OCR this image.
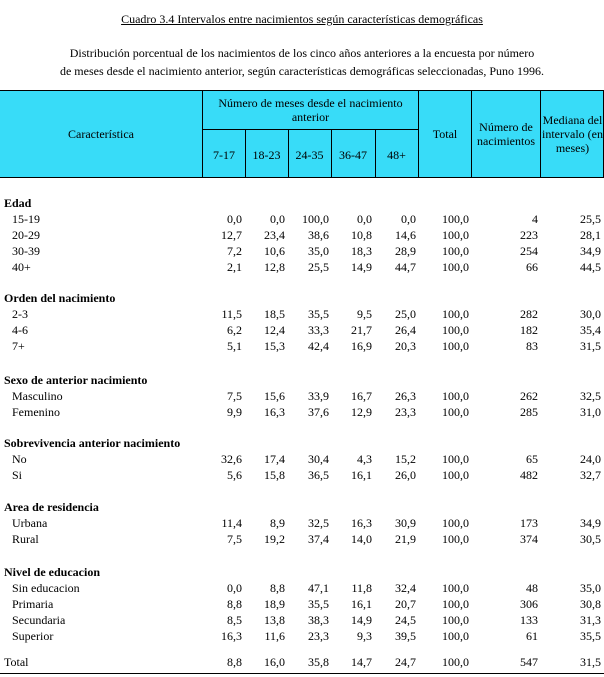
Cuadro 3.4 Intervalos entre nacimientos según características demográficas
Distribución porcentual de los nacimientos de los cinco años anteriores a la encuesta por número
de meses desde el nacimiento anterior, según características demográficas seleccionadas, Puno 1996.
Característica
Número de meses desde el nacimiento anterior
7-17	18-23	24-35	36-47	48+
Total	Número de nacimientos
Mediana del intervalo (en meses)
Edad
15-19	0,0 0,0 100,0 0,0 0,0 100,0	4	25,5
20-29	12,7 23,4 38,6 10,8 14,6 100,0	223	28,1
30-39	7,2 10,6 35,0 18,3 28,9 100,0	254	34,9
40+	2,1 12,8 25,5 14,9 44,7 100,0	66	44,5
Orden del nacimiento
2-3	11,5 18,5 35,5 9,5 25,0 100,0	282	30,0
4-6	6,2 12,4 33,3 21,7 26,4 100,0	182	35,4
7+	5,1 15,3 42,4 16,9 20,3 100,0	83	31,5
Sexo de anterior nacimiento
Masculino	7,5 15,6 33,9 16,7 26,3 100,0	262	32,5
Femenino	9,9 16,3 37,6 12,9 23,3 100,0	285	31,0
Sobrevivencia anterior nacimiento
No	32,6 17,4 30,4 4,3 15,2 100,0	65	24,0
Si	5,6 15,8 36,5 16,1 26,0 100,0	482	32,7
Area de residencia
Urbana	11,4 8,9 32,5 16,3 30,9 100,0	173	34,9
Rural	7,5 19,2 37,4 14,0 21,9 100,0	374	30,5
Nivel de educacion
Sin educacion	0,0 8,8 47,1 11,8 32,4 100,0	48	35,0
Primaria	8,8 18,9 35,5 16,1 20,7 100,0	306	30,8
Secundaria	8,5 13,8 38,3 14,9 24,5 100,0	133	31,3
Superior	16,3 11,6 23,3 9,3 39,5 100,0	61	35,5
Total	8,8 16,0 35,8 14,7 24,7 100,0	547	31,5
